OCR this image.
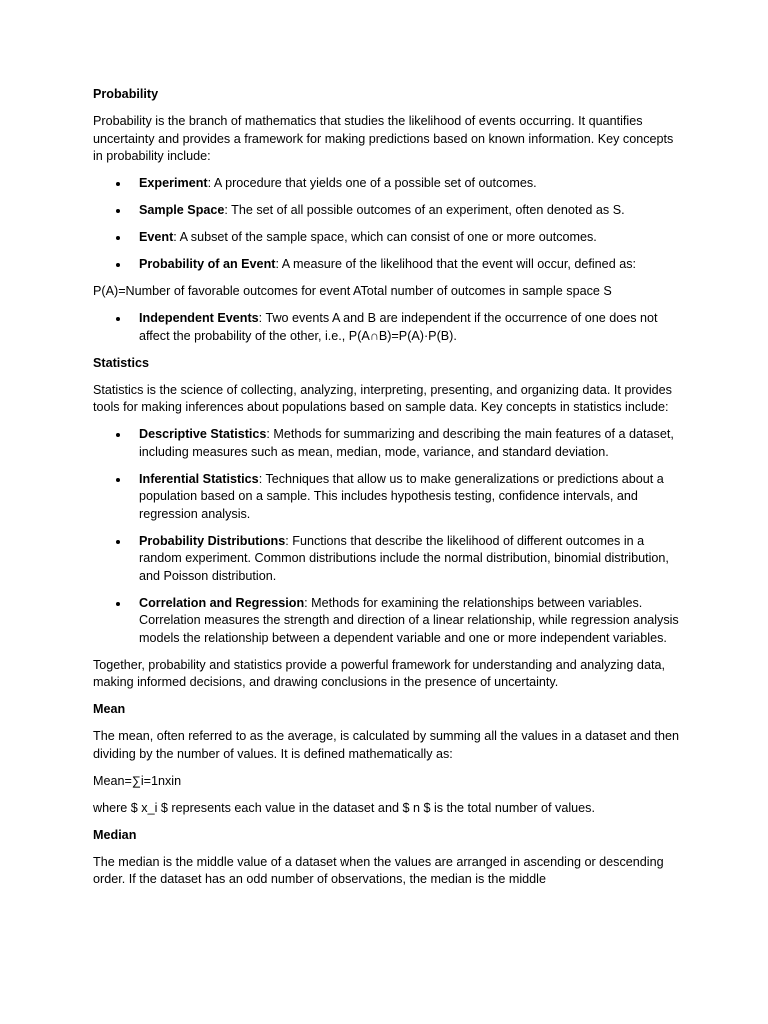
Probability
Probability is the branch of mathematics that studies the likelihood of events occurring. It quantifies uncertainty and provides a framework for making predictions based on known information. Key concepts in probability include:
Experiment: A procedure that yields one of a possible set of outcomes.
Sample Space: The set of all possible outcomes of an experiment, often denoted as S.
Event: A subset of the sample space, which can consist of one or more outcomes.
Probability of an Event: A measure of the likelihood that the event will occur, defined as:
P(A)=Number of favorable outcomes for event ATotal number of outcomes in sample space S
Independent Events: Two events A and B are independent if the occurrence of one does not affect the probability of the other, i.e., P(A∩B)=P(A)·P(B).
Statistics
Statistics is the science of collecting, analyzing, interpreting, presenting, and organizing data. It provides tools for making inferences about populations based on sample data. Key concepts in statistics include:
Descriptive Statistics: Methods for summarizing and describing the main features of a dataset, including measures such as mean, median, mode, variance, and standard deviation.
Inferential Statistics: Techniques that allow us to make generalizations or predictions about a population based on a sample. This includes hypothesis testing, confidence intervals, and regression analysis.
Probability Distributions: Functions that describe the likelihood of different outcomes in a random experiment. Common distributions include the normal distribution, binomial distribution, and Poisson distribution.
Correlation and Regression: Methods for examining the relationships between variables. Correlation measures the strength and direction of a linear relationship, while regression analysis models the relationship between a dependent variable and one or more independent variables.
Together, probability and statistics provide a powerful framework for understanding and analyzing data, making informed decisions, and drawing conclusions in the presence of uncertainty.
Mean
The mean, often referred to as the average, is calculated by summing all the values in a dataset and then dividing by the number of values. It is defined mathematically as:
Mean=∑i=1nxin
where $ x_i $ represents each value in the dataset and $ n $ is the total number of values.
Median
The median is the middle value of a dataset when the values are arranged in ascending or descending order. If the dataset has an odd number of observations, the median is the middle
